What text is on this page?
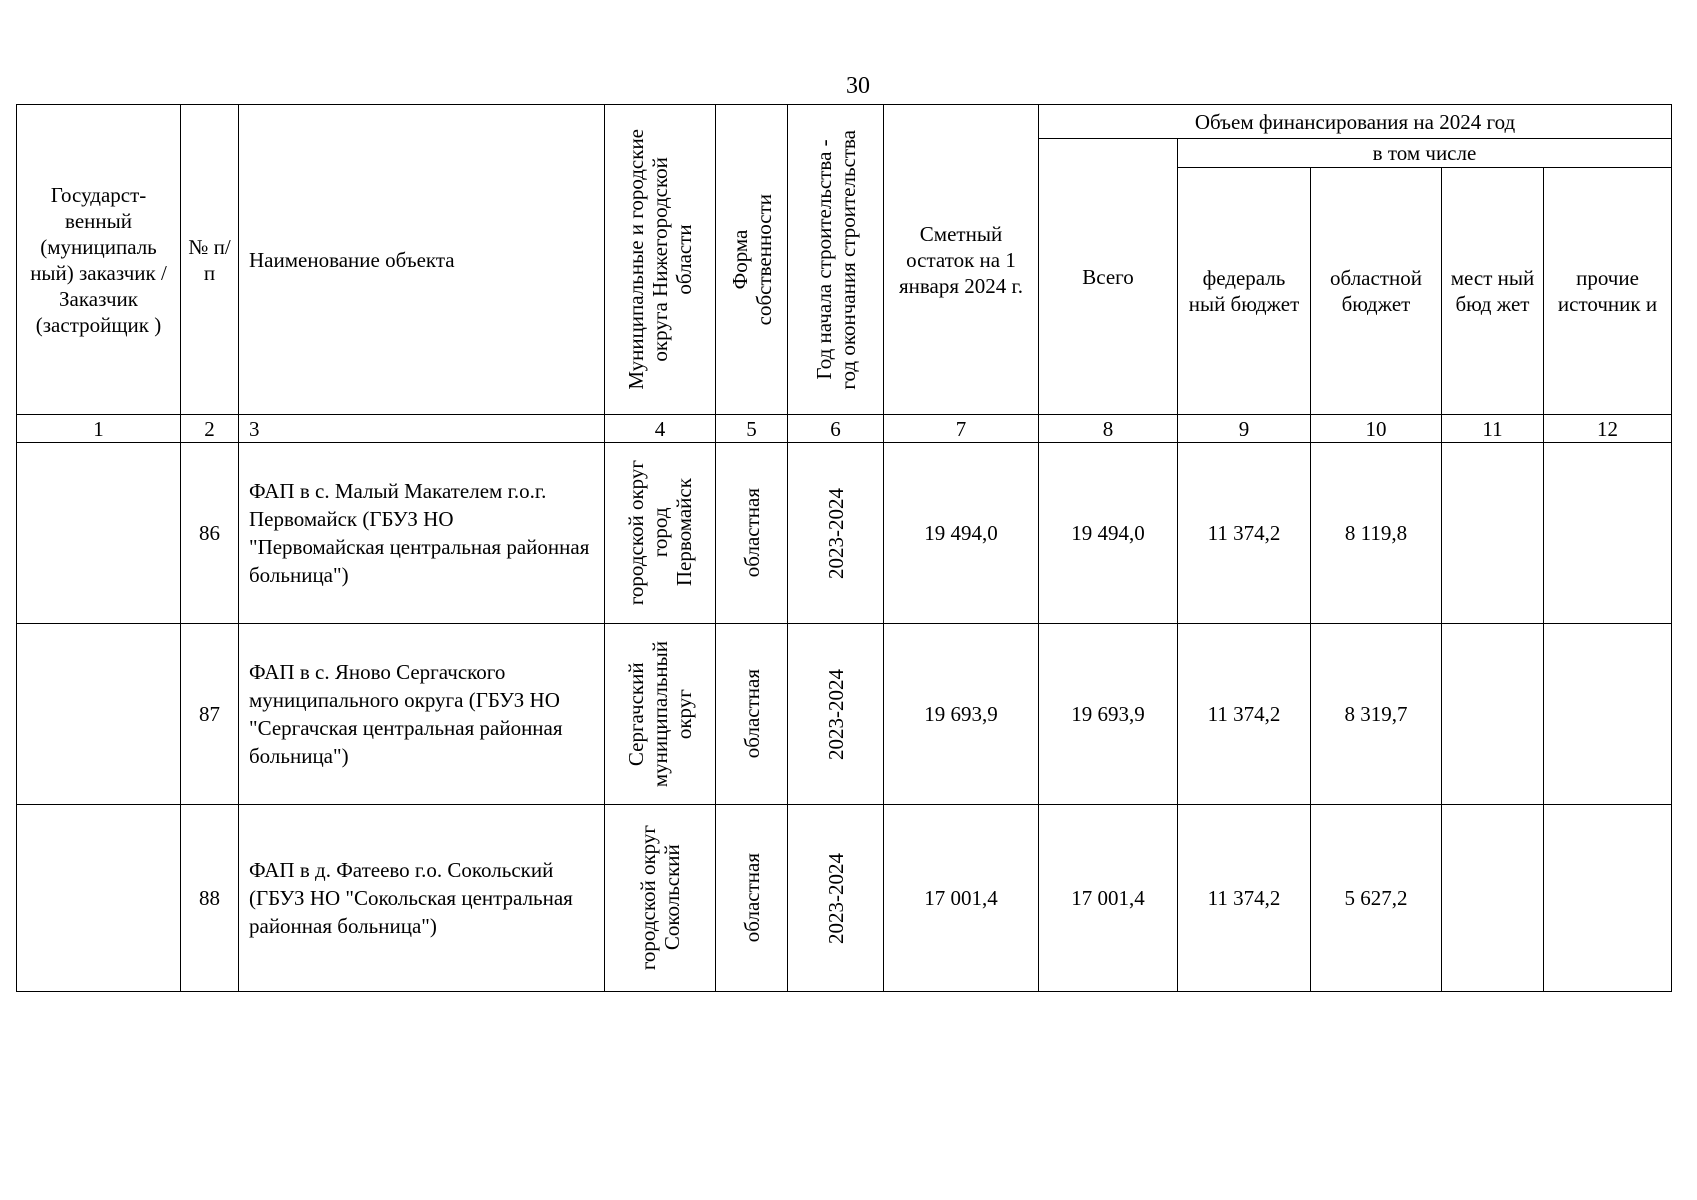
30
Государст-венный (муниципаль ный) заказчик / Заказчик (застройщик )	№ п/п	Наименование объекта	Муниципальные и городские
округа Нижегородской
области	Форма
собственности	Год начала строительства -
год окончания строительства	Сметный остаток на 1 января 2024 г.	Объем финансирования на 2024 год				

							Всего	в том числе			

								федераль ный бюджет	областной бюджет	мест ный бюд жет	прочие источник и

1	2	3	4	5	6	7	8	9	10	11	12
	86	ФАП в с. Малый Макателем г.о.г. Первомайск (ГБУЗ НО "Первомайская центральная районная больница")	городской округ
город
Первомайск	областная	2023-2024	19 494,0	19 494,0	11 374,2	8 119,8		
	87	ФАП в с. Яново Сергачского муниципального округа (ГБУЗ НО "Сергачская центральная районная больница")	Сергачский
муниципальный
округ	областная	2023-2024	19 693,9	19 693,9	11 374,2	8 319,7		
	88	ФАП в д. Фатеево г.о. Сокольский (ГБУЗ НО "Сокольская центральная районная больница")	городской округ
Сокольский	областная	2023-2024	17 001,4	17 001,4	11 374,2	5 627,2		
